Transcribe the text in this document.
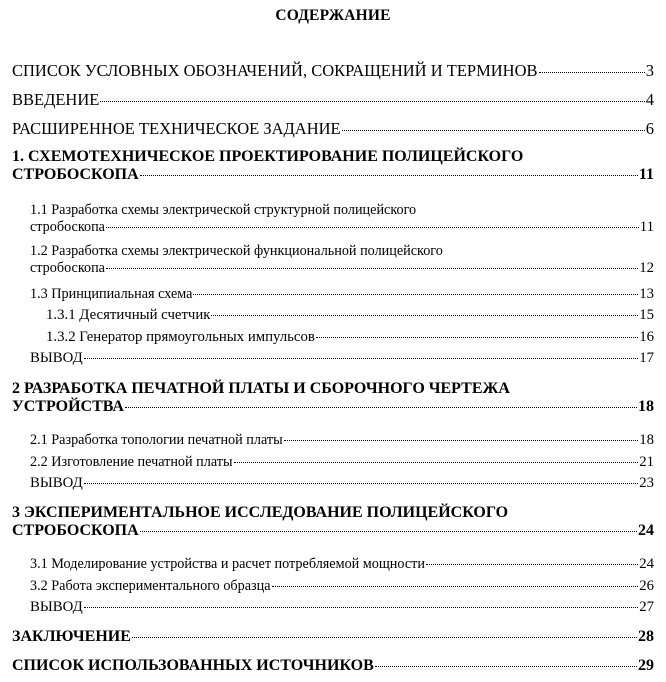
СОДЕРЖАНИЕ
СПИСОК УСЛОВНЫХ ОБОЗНАЧЕНИЙ, СОКРАЩЕНИЙ И ТЕРМИНОВ	3
ВВЕДЕНИЕ	4
РАСШИРЕННОЕ ТЕХНИЧЕСКОЕ ЗАДАНИЕ	6
1. СХЕМОТЕХНИЧЕСКОЕ ПРОЕКТИРОВАНИЕ ПОЛИЦЕЙСКОГО
СТРОБОСКОПА	11
1.1 Разработка схемы электрической структурной полицейского
стробоскопа	11
1.2 Разработка схемы электрической функциональной полицейского
стробоскопа	12
1.3 Принципиальная схема	13
1.3.1 Десятичный счетчик	15
1.3.2 Генератор прямоугольных импульсов	16
ВЫВОД	17
2 РАЗРАБОТКА ПЕЧАТНОЙ ПЛАТЫ И СБОРОЧНОГО ЧЕРТЕЖА
УСТРОЙСТВА	18
2.1 Разработка топологии печатной платы	18
2.2 Изготовление печатной платы	21
ВЫВОД	23
3 ЭКСПЕРИМЕНТАЛЬНОЕ ИССЛЕДОВАНИЕ ПОЛИЦЕЙСКОГО
СТРОБОСКОПА	24
3.1 Моделирование устройства и расчет потребляемой мощности	24
3.2 Работа экспериментального образца	26
ВЫВОД	27
ЗАКЛЮЧЕНИЕ	28
СПИСОК ИСПОЛЬЗОВАННЫХ ИСТОЧНИКОВ	29
